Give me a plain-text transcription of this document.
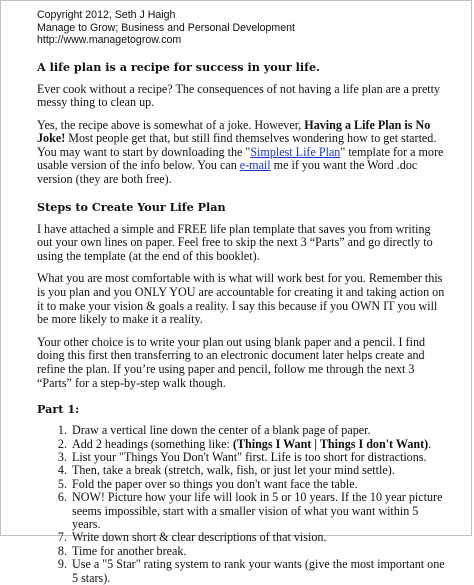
Copyright 2012, Seth J Haigh
Manage to Grow; Business and Personal Development
http://www.managetogrow.com
A life plan is a recipe for success in your life.

Ever cook without a recipe? The consequences of not having a life plan are a pretty messy thing to clean up.

Yes, the recipe above is somewhat of a joke. However, Having a Life Plan is No Joke! Most people get that, but still find themselves wondering how to get started. You may want to start by downloading the "Simplest Life Plan" template for a more usable version of the info below. You can e-mail me if you want the Word .doc version (they are both free).

Steps to Create Your Life Plan

I have attached a simple and FREE life plan template that saves you from writing out your own lines on paper. Feel free to skip the next 3 “Parts” and go directly to using the template (at the end of this booklet).

What you are most comfortable with is what will work best for you. Remember this is you plan and you ONLY YOU are accountable for creating it and taking action on it to make your vision & goals a reality. I say this because if you OWN IT you will be more likely to make it a reality.

Your other choice is to write your plan out using blank paper and a pencil. I find doing this first then transferring to an electronic document later helps create and refine the plan. If you’re using paper and pencil, follow me through the next 3 “Parts” for a step-by-step walk though.

Part 1:
1. Draw a vertical line down the center of a blank page of paper.
2. Add 2 headings (something like: (Things I Want | Things I don't Want).
3. List your "Things You Don't Want" first. Life is too short for distractions.
4. Then, take a break (stretch, walk, fish, or just let your mind settle).
5. Fold the paper over so things you don't want face the table.
6. NOW! Picture how your life will look in 5 or 10 years. If the 10 year picture seems impossible, start with a smaller vision of what you want within 5 years.
7. Write down short & clear descriptions of that vision.
8. Time for another break.
9. Use a "5 Star" rating system to rank your wants (give the most important one 5 stars).
